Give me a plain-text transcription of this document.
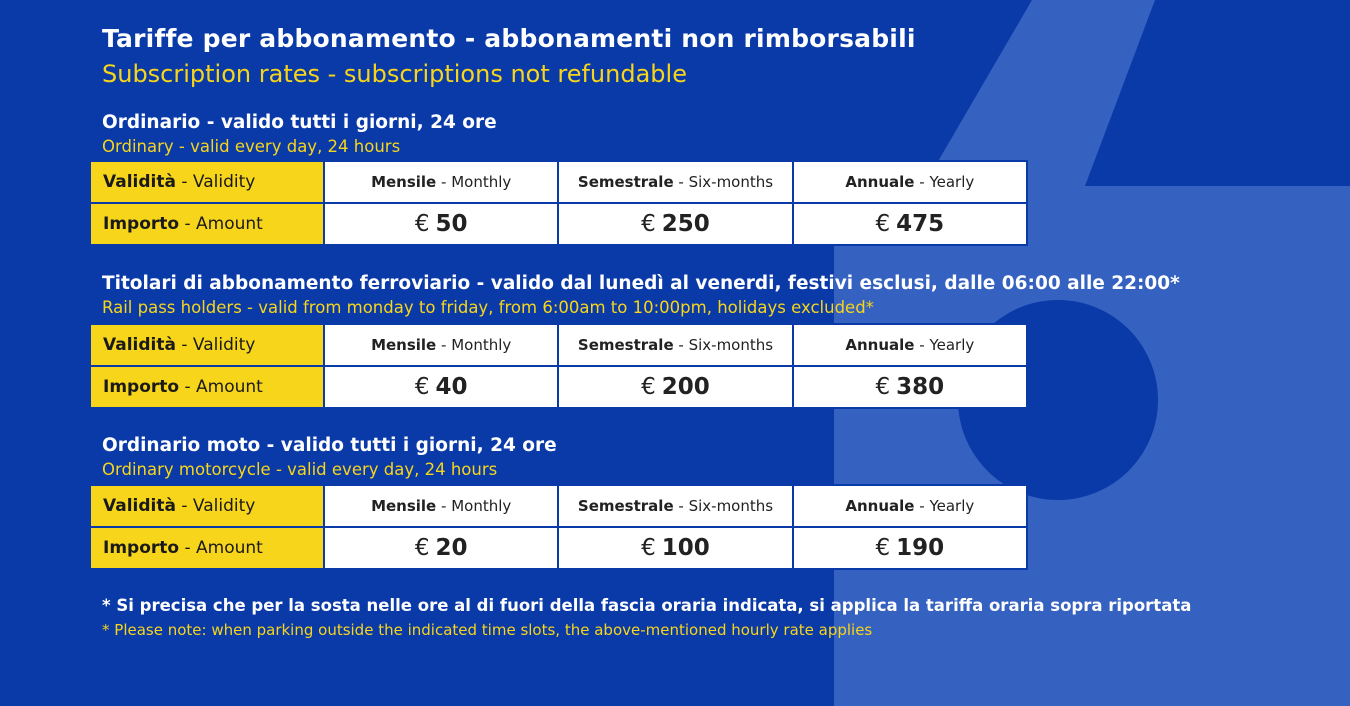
Tariffe per abbonamento - abbonamenti non rimborsabili
Subscription rates - subscriptions not refundable
Ordinario - valido tutti i giorni, 24 ore
Ordinary - valid every day, 24 hours
Validità - Validity	Mensile - Monthly	Semestrale - Six-months	Annuale - Yearly
Importo - Amount	€ 50	€ 250	€ 475
Titolari di abbonamento ferroviario - valido dal lunedì al venerdi, festivi esclusi, dalle 06:00 alle 22:00*
Rail pass holders - valid from monday to friday, from 6:00am to 10:00pm, holidays excluded*
Validità - Validity	Mensile - Monthly	Semestrale - Six-months	Annuale - Yearly
Importo - Amount	€ 40	€ 200	€ 380
Ordinario moto - valido tutti i giorni, 24 ore
Ordinary motorcycle - valid every day, 24 hours
Validità - Validity	Mensile - Monthly	Semestrale - Six-months	Annuale - Yearly
Importo - Amount	€ 20	€ 100	€ 190
* Si precisa che per la sosta nelle ore al di fuori della fascia oraria indicata, si applica la tariffa oraria sopra riportata
* Please note: when parking outside the indicated time slots, the above-mentioned hourly rate applies
